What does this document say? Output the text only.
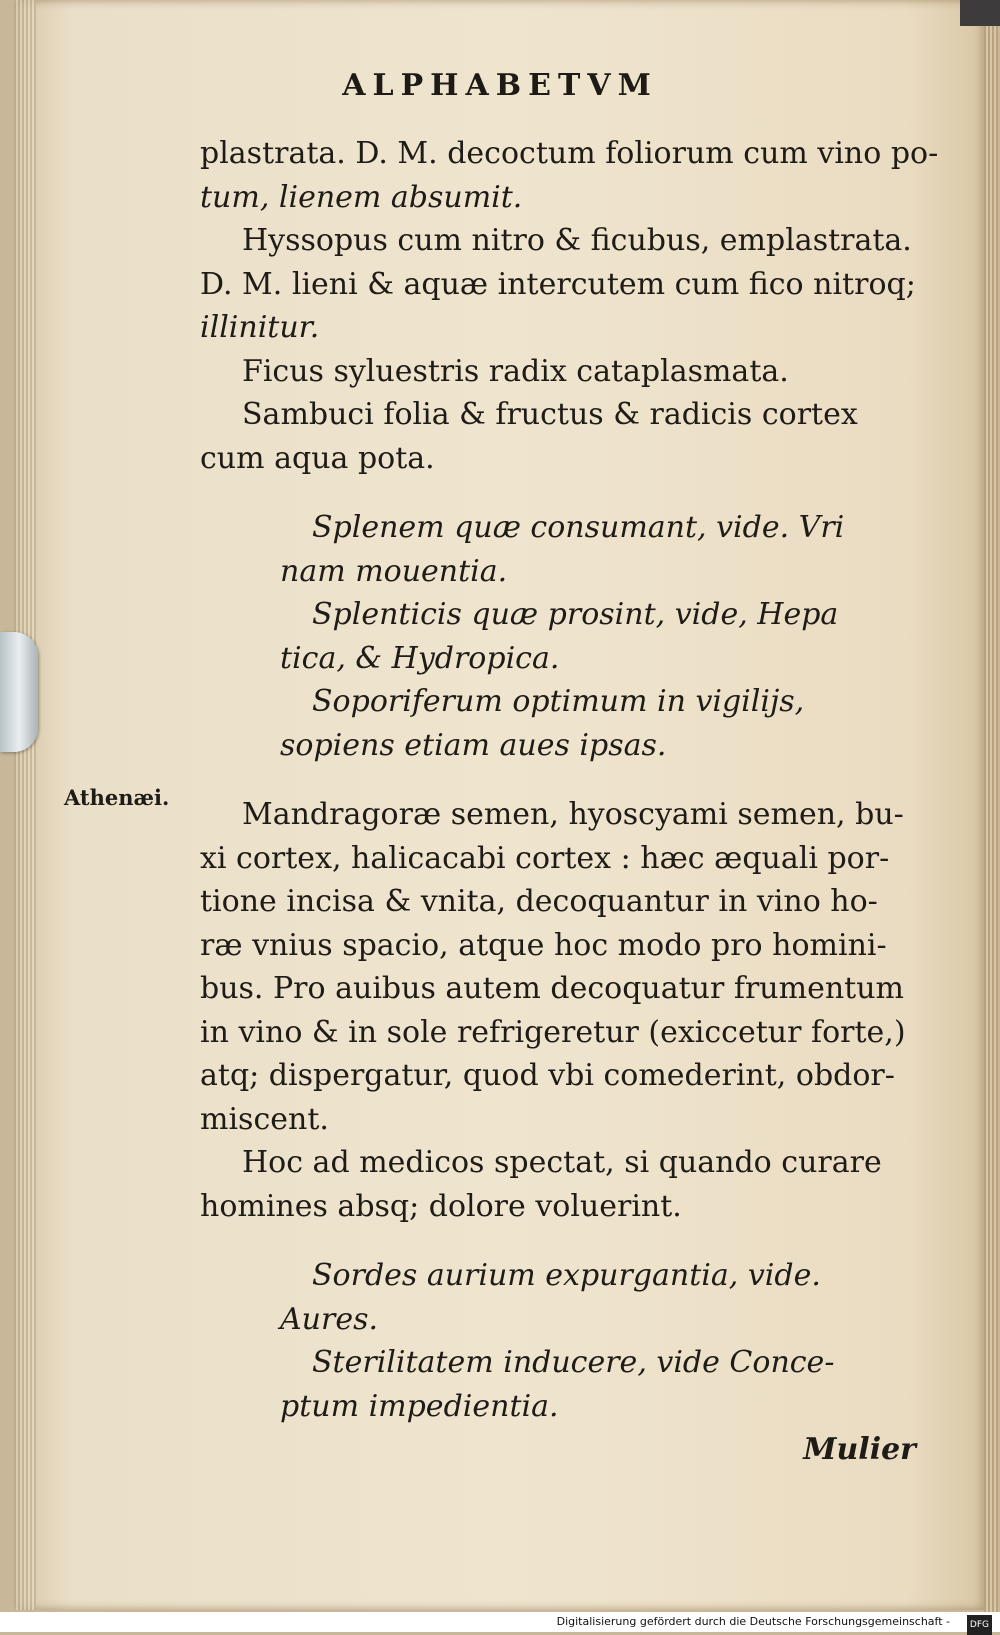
ALPHABETVM
Athenæi.
plastrata. D. M. decoctum foliorum cum vino po-
tum, lienem absumit.
Hyssopus cum nitro & ficubus, emplastrata.
D. M. lieni & aquæ intercutem cum fico nitroq;
illinitur.
Ficus syluestris radix cataplasmata.
Sambuci folia & fructus & radicis cortex
cum aqua pota.
Splenem quæ consumant, vide. Vri
nam mouentia.
Splenticis quæ prosint, vide, Hepa
tica, & Hydropica.
Soporiferum optimum in vigilijs,
sopiens etiam aues ipsas.
Mandragoræ semen, hyoscyami semen, bu-
xi cortex, halicacabi cortex : hæc æquali por-
tione incisa & vnita, decoquantur in vino ho-
ræ vnius spacio, atque hoc modo pro homini-
bus. Pro auibus autem decoquatur frumentum
in vino & in sole refrigeretur (exiccetur forte,)
atq; dispergatur, quod vbi comederint, obdor-
miscent.
Hoc ad medicos spectat, si quando curare
homines absq; dolore voluerint.
Sordes aurium expurgantia, vide.
Aures.
Sterilitatem inducere, vide Conce-
ptum impedientia.
Mulier
Digitalisierung gefördert durch die Deutsche Forschungsgemeinschaft -	DFG
